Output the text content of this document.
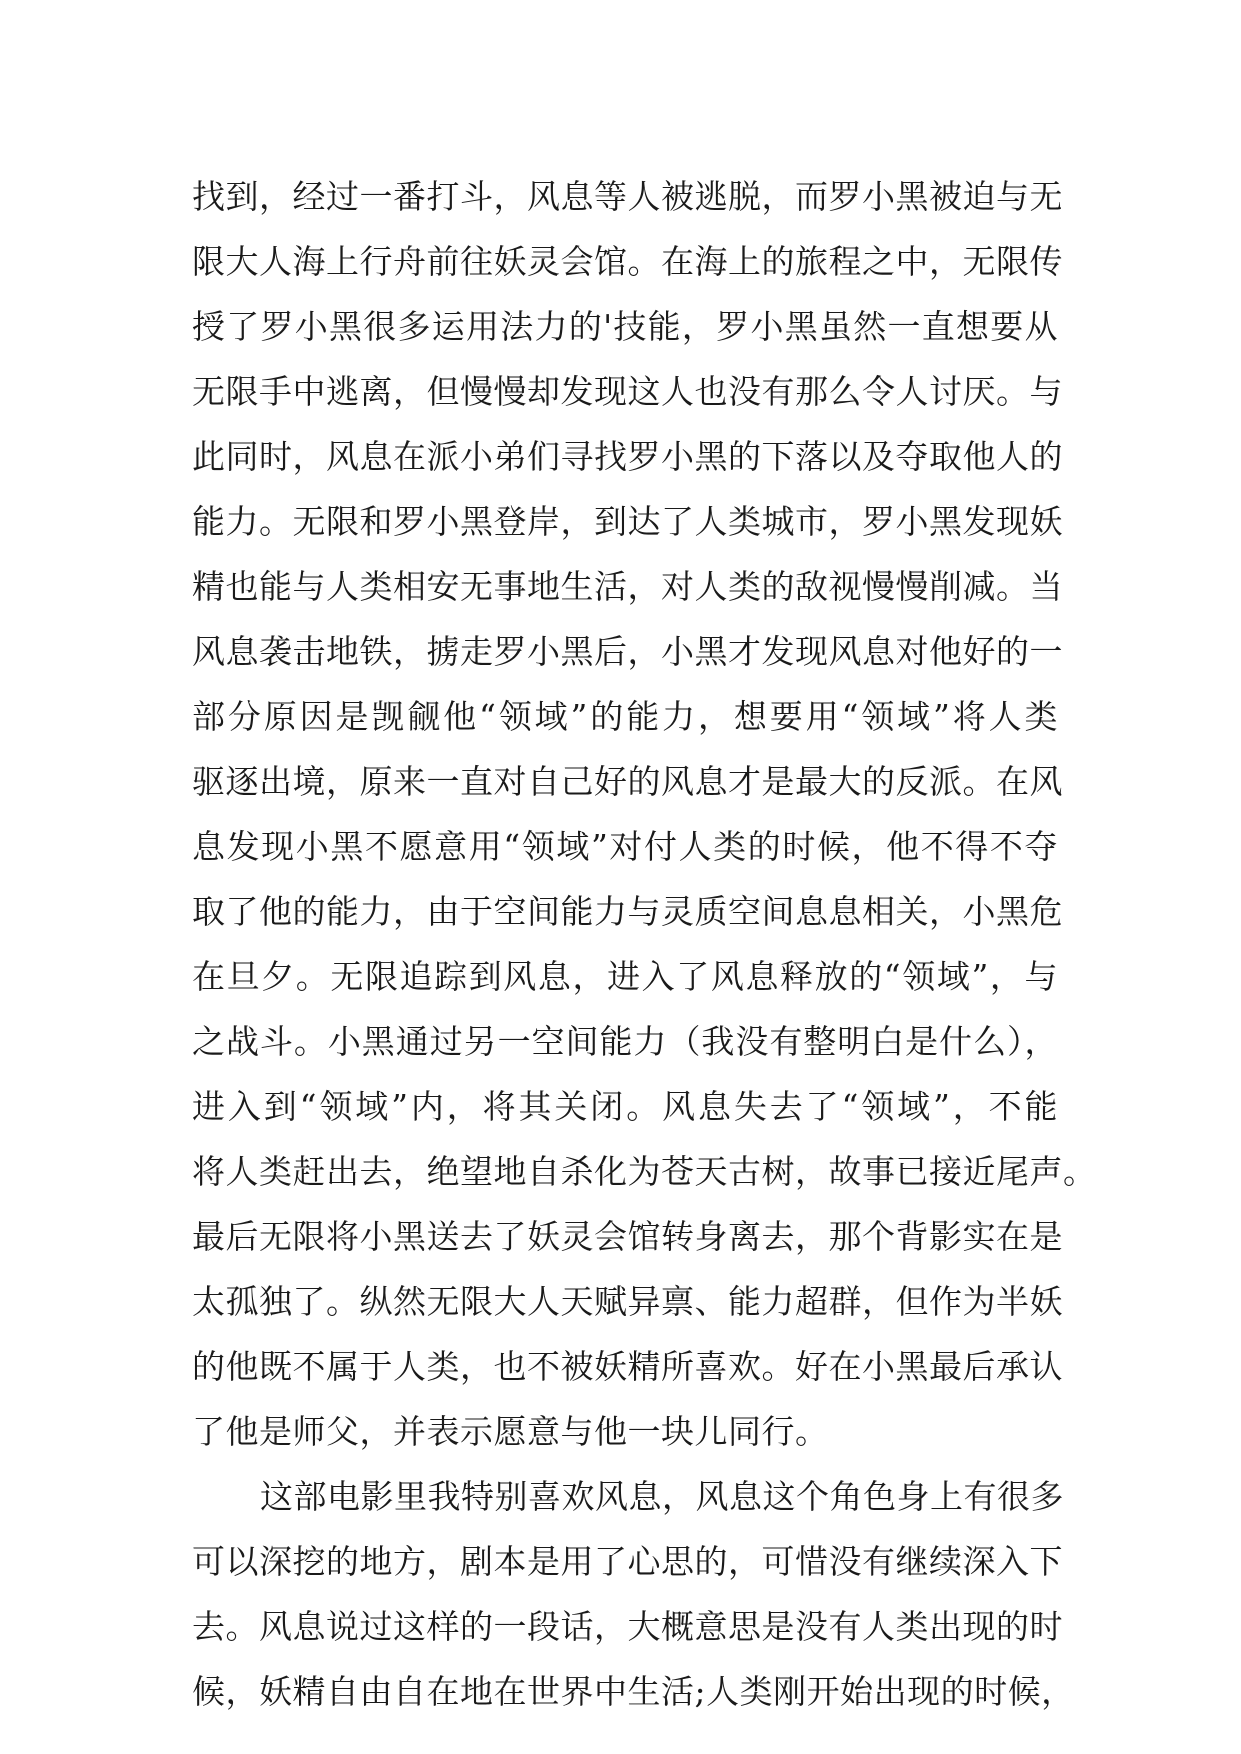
找到，经过一番打斗，风息等人被逃脱，而罗小黑被迫与无
限大人海上行舟前往妖灵会馆。在海上的旅程之中，无限传
授了罗小黑很多运用法力的'技能，罗小黑虽然一直想要从
无限手中逃离，但慢慢却发现这人也没有那么令人讨厌。与
此同时，风息在派小弟们寻找罗小黑的下落以及夺取他人的
能力。无限和罗小黑登岸，到达了人类城市，罗小黑发现妖
精也能与人类相安无事地生活，对人类的敌视慢慢削减。当
风息袭击地铁，掳走罗小黑后，小黑才发现风息对他好的一
部分原因是觊觎他“领域”的能力，想要用“领域”将人类
驱逐出境，原来一直对自己好的风息才是最大的反派。在风
息发现小黑不愿意用“领域”对付人类的时候，他不得不夺
取了他的能力，由于空间能力与灵质空间息息相关，小黑危
在旦夕。无限追踪到风息，进入了风息释放的“领域”，与
之战斗。小黑通过另一空间能力（我没有整明白是什么），
进入到“领域”内，将其关闭。风息失去了“领域”，不能
将人类赶出去，绝望地自杀化为苍天古树，故事已接近尾声。
最后无限将小黑送去了妖灵会馆转身离去，那个背影实在是
太孤独了。纵然无限大人天赋异禀、能力超群，但作为半妖
的他既不属于人类，也不被妖精所喜欢。好在小黑最后承认
了他是师父，并表示愿意与他一块儿同行。
这部电影里我特别喜欢风息，风息这个角色身上有很多
可以深挖的地方，剧本是用了心思的，可惜没有继续深入下
去。风息说过这样的一段话，大概意思是没有人类出现的时
候，妖精自由自在地在世界中生活;人类刚开始出现的时候，
